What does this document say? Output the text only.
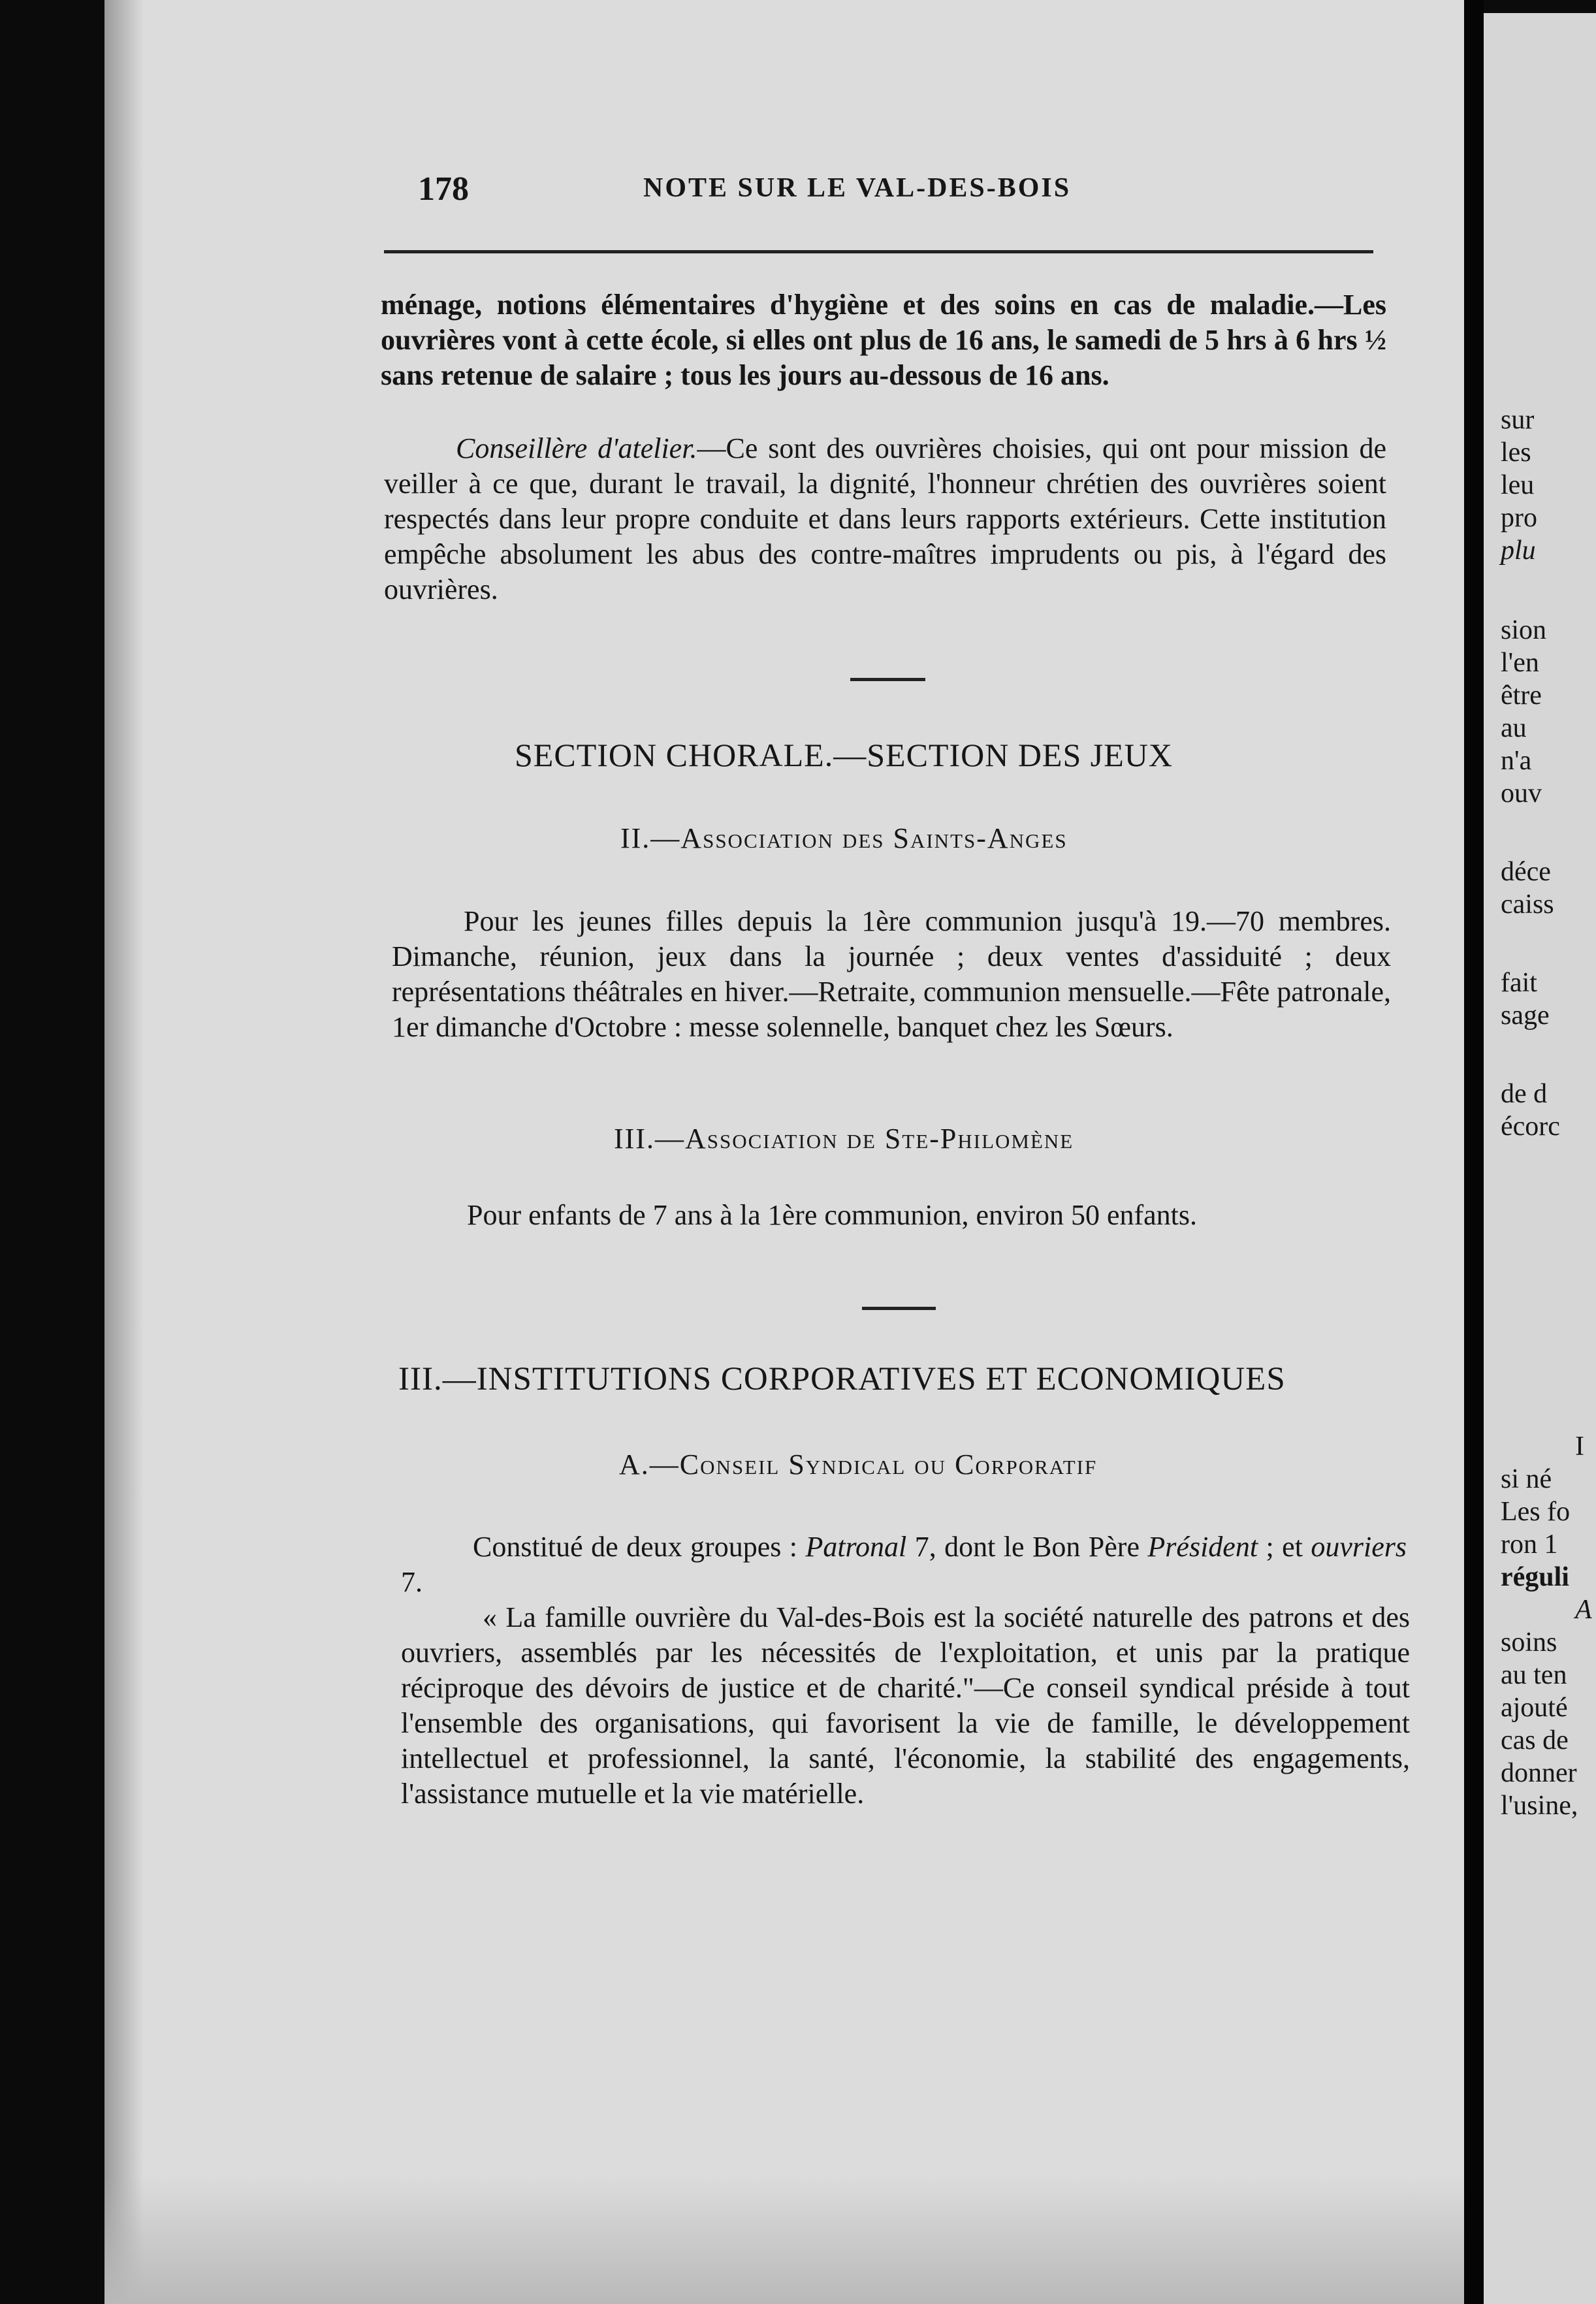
178	NOTE SUR LE VAL-DES-BOIS

ménage, notions élémentaires d'hygiène et des soins en cas de maladie.—Les ouvrières vont à cette école, si elles ont plus de 16 ans, le samedi de 5 hrs à 6 hrs ½ sans retenue de salaire ; tous les jours au-dessous de 16 ans.

Conseillère d'atelier.—Ce sont des ouvrières choisies, qui ont pour mission de veiller à ce que, durant le travail, la dignité, l'honneur chrétien des ouvrières soient respectés dans leur propre conduite et dans leurs rapports extérieurs. Cette institution empêche absolument les abus des contre-maîtres imprudents ou pis, à l'égard des ouvrières.

SECTION CHORALE.—SECTION DES JEUX

II.—Association des Saints-Anges

Pour les jeunes filles depuis la 1ère communion jusqu'à 19.—70 membres. Dimanche, réunion, jeux dans la journée ; deux ventes d'assiduité ; deux représentations théâtrales en hiver.—Retraite, communion mensuelle.—Fête patronale, 1er dimanche d'Octobre : messe solennelle, banquet chez les Sœurs.

III.—Association de Ste-Philomène

Pour enfants de 7 ans à la 1ère communion, environ 50 enfants.

III.—INSTITUTIONS CORPORATIVES ET ECONOMIQUES

A.—Conseil Syndical ou Corporatif

Constitué de deux groupes : Patronal 7, dont le Bon Père Président ; et ouvriers 7.

« La famille ouvrière du Val-des-Bois est la société naturelle des patrons et des ouvriers, assemblés par les nécessités de l'exploitation, et unis par la pratique réciproque des dévoirs de justice et de charité."—Ce conseil syndical préside à tout l'ensemble des organisations, qui favorisent la vie de famille, le développement intellectuel et professionnel, la santé, l'économie, la stabilité des engagements, l'assistance mutuelle et la vie matérielle.

sur

les

leu

pro

plu

sion

l'en

être

au

n'a

ouv

déce

caiss

fait

sage

de d

écorc

I

si né

Les fo

ron 1

réguli

A

soins

au ten

ajouté

cas de

donner

l'usine,
